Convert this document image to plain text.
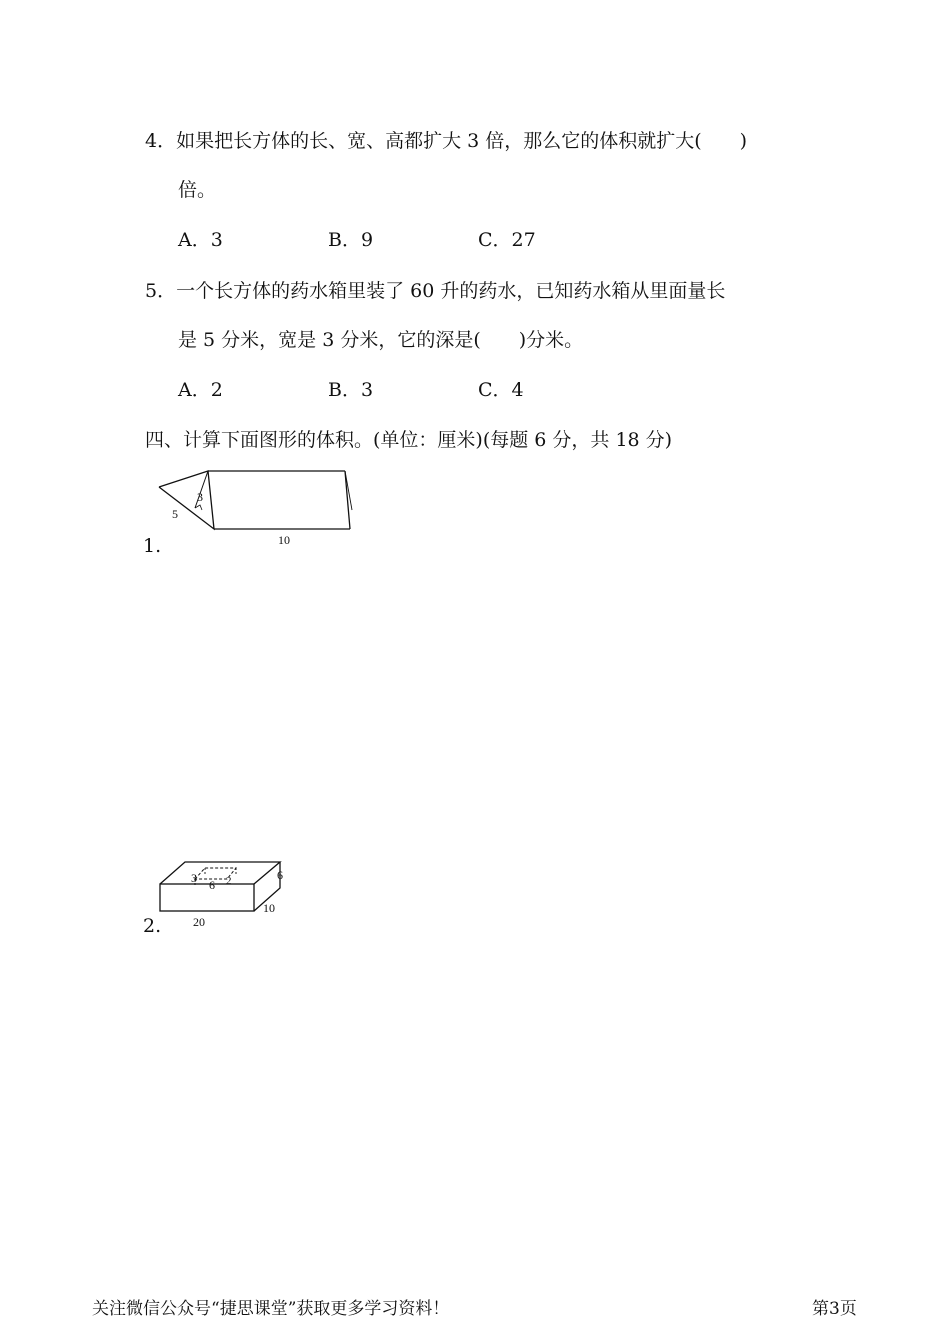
4．如果把长方体的长、宽、高都扩大 3 倍，那么它的体积就扩大(　　)
倍。
A．3	B．9	C．27
5．一个长方体的药水箱里装了 60 升的药水，已知药水箱从里面量长
是 5 分米，宽是 3 分米，它的深是(　　)分米。
A．2	B．3	C．4
四、计算下面图形的体积。(单位：厘米)(每题 6 分，共 18 分)
1.
3
5
10
2.
3 6 2	6
10
20
关注微信公众号“捷思课堂”获取更多学习资料！	第3页
